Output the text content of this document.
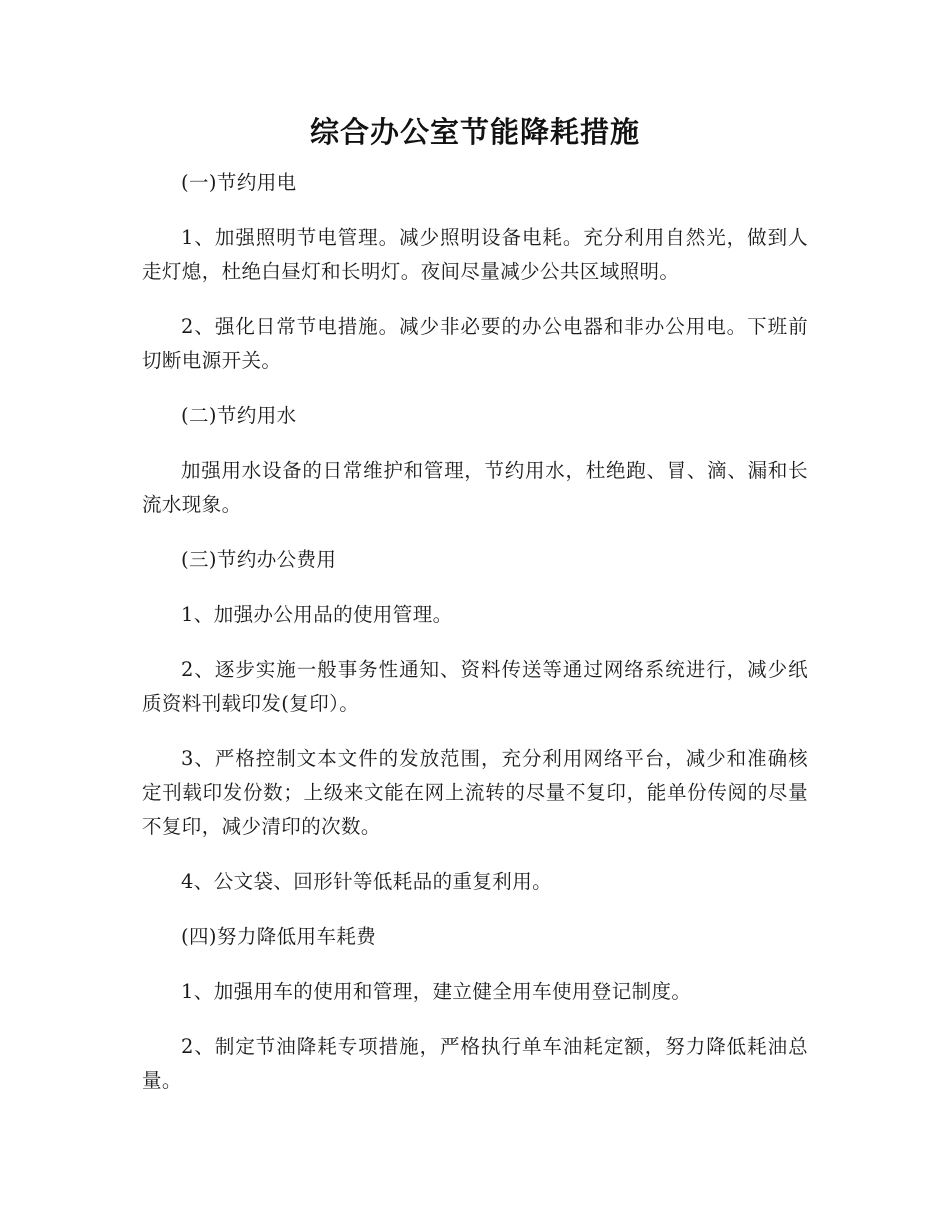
综合办公室节能降耗措施

(一)节约用电

1、加强照明节电管理。减少照明设备电耗。充分利用自然光，做到人走灯熄，杜绝白昼灯和长明灯。夜间尽量减少公共区域照明。

2、强化日常节电措施。减少非必要的办公电器和非办公用电。下班前切断电源开关。

(二)节约用水

加强用水设备的日常维护和管理，节约用水，杜绝跑、冒、滴、漏和长流水现象。

(三)节约办公费用

1、加强办公用品的使用管理。

2、逐步实施一般事务性通知、资料传送等通过网络系统进行，减少纸质资料刊载印发(复印）。

3、严格控制文本文件的发放范围，充分利用网络平台，减少和准确核定刊载印发份数；上级来文能在网上流转的尽量不复印，能单份传阅的尽量不复印，减少清印的次数。

4、公文袋、回形针等低耗品的重复利用。

(四)努力降低用车耗费

1、加强用车的使用和管理，建立健全用车使用登记制度。

2、制定节油降耗专项措施，严格执行单车油耗定额，努力降低耗油总量。
